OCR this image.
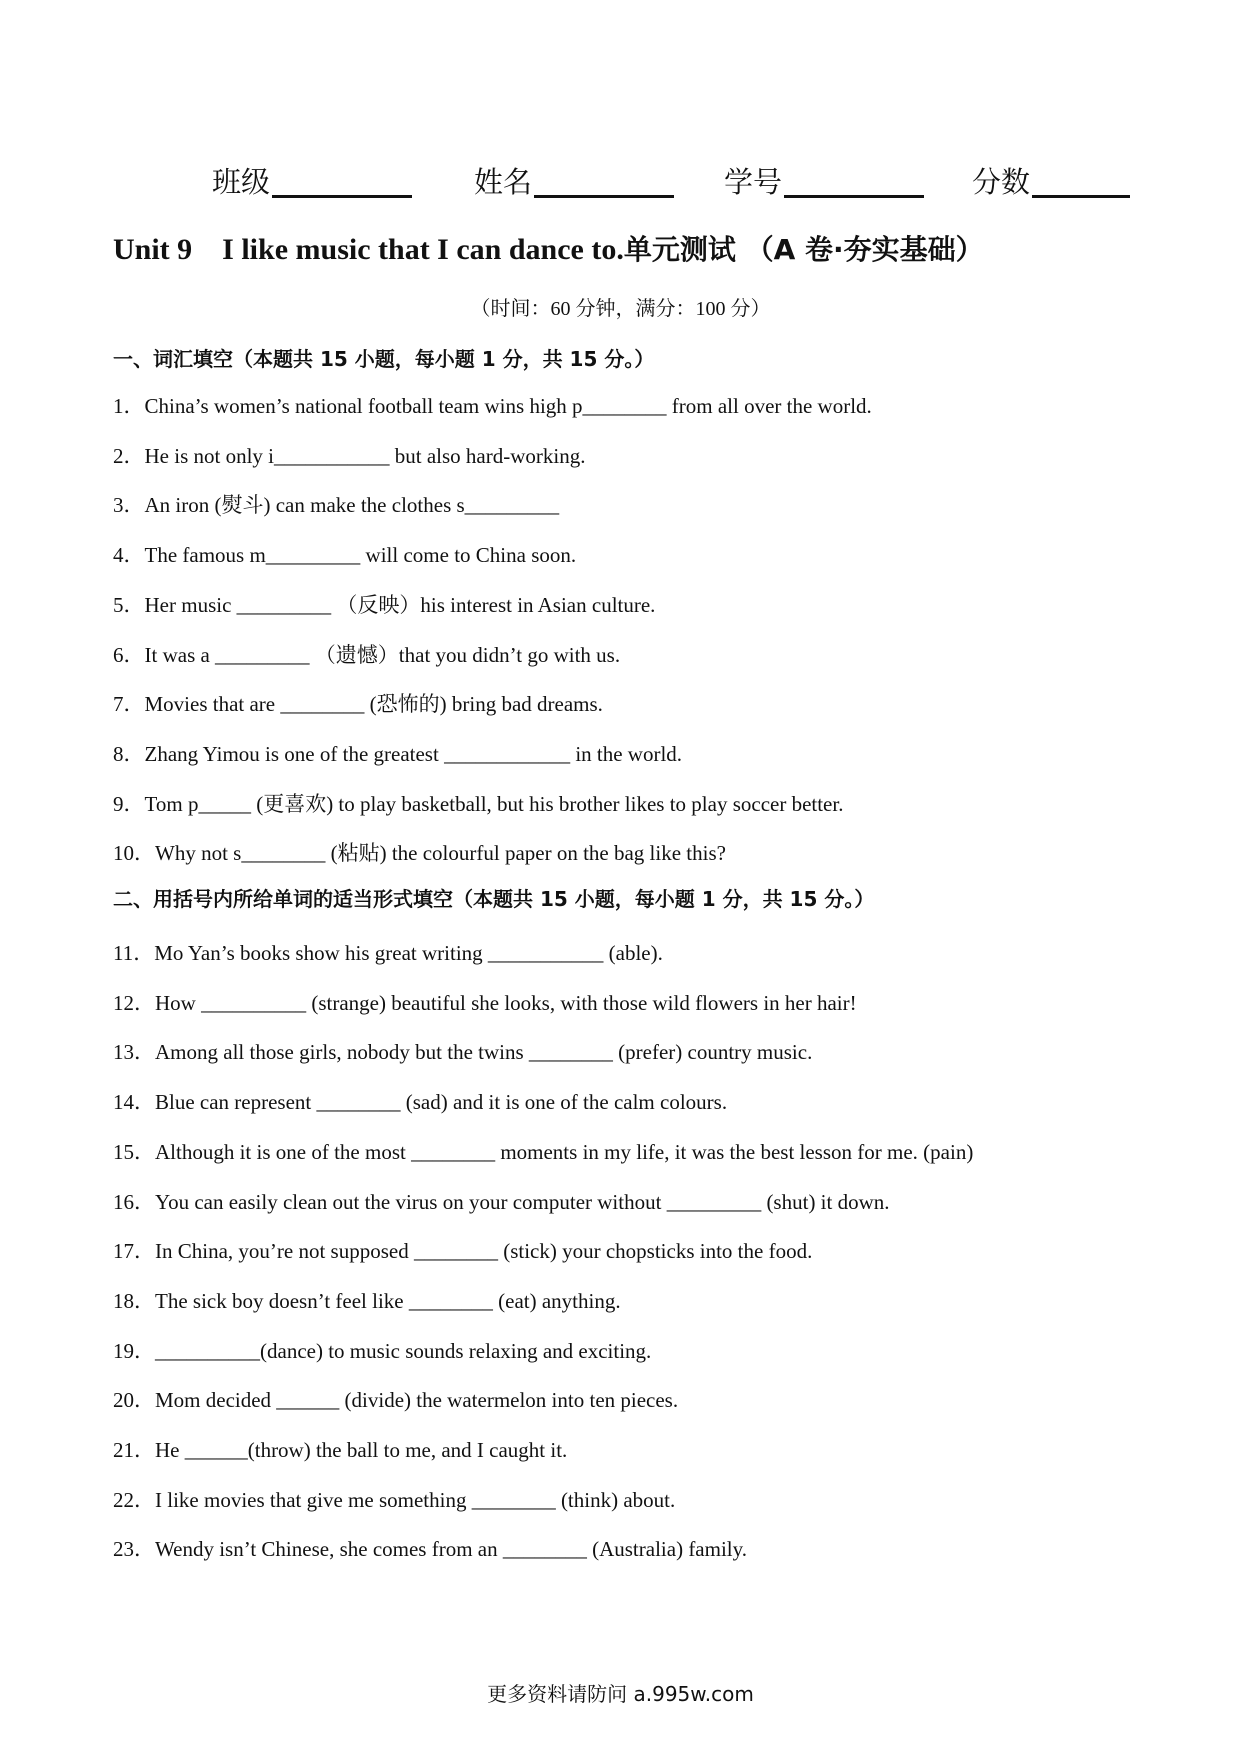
班级	姓名	学号	分数
Unit 9    I like music that I can dance to.单元测试 （A 卷·夯实基础）
（时间：60 分钟，满分：100 分）
一、词汇填空（本题共 15 小题，每小题 1 分，共 15 分。）
1．China’s women’s national football team wins high p________ from all over the world.
2．He is not only i___________ but also hard-working.
3．An iron (熨斗) can make the clothes s_________
4．The famous m_________ will come to China soon.
5．Her music _________ （反映）his interest in Asian culture.
6．It was a _________ （遗憾）that you didn’t go with us.
7．Movies that are ________ (恐怖的) bring bad dreams.
8．Zhang Yimou is one of the greatest ____________ in the world.
9．Tom p_____ (更喜欢) to play basketball, but his brother likes to play soccer better.
10．Why not s________ (粘贴) the colourful paper on the bag like this?
11．Mo Yan’s books show his great writing ___________ (able).
12．How __________ (strange) beautiful she looks, with those wild flowers in her hair!
13．Among all those girls, nobody but the twins ________ (prefer) country music.
14．Blue can represent ________ (sad) and it is one of the calm colours.
15．Although it is one of the most ________ moments in my life, it was the best lesson for me. (pain)
16．You can easily clean out the virus on your computer without _________ (shut) it down.
17．In China, you’re not supposed ________ (stick) your chopsticks into the food.
18．The sick boy doesn’t feel like ________ (eat) anything.
19．__________(dance) to music sounds relaxing and exciting.
20．Mom decided ______ (divide) the watermelon into ten pieces.
21．He ______(throw) the ball to me, and I caught it.
22．I like movies that give me something ________ (think) about.
23．Wendy isn’t Chinese, she comes from an ________ (Australia) family.
二、用括号内所给单词的适当形式填空（本题共 15 小题，每小题 1 分，共 15 分。）
更多资料请防问 a.995w.com
